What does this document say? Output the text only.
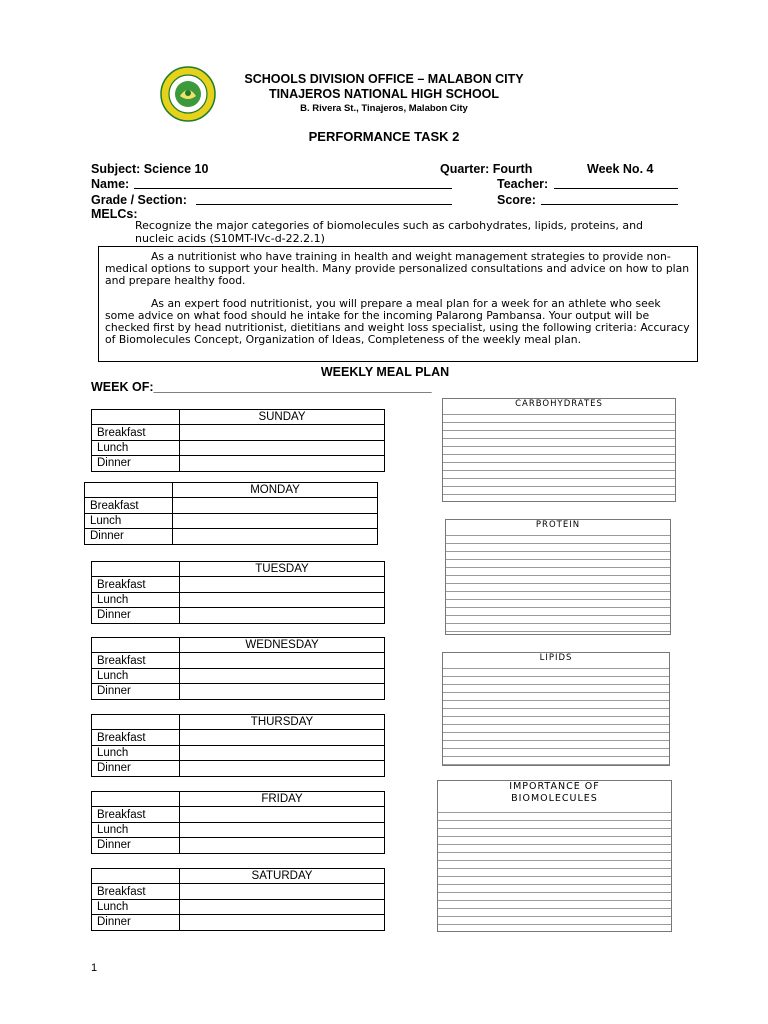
SCHOOLS DIVISION OFFICE – MALABON CITY
TINAJEROS NATIONAL HIGH SCHOOL
B. Rivera St., Tinajeros, Malabon City
PERFORMANCE TASK 2
Subject: Science 10	Quarter: Fourth	Week No. 4
Name:	Teacher:
Grade / Section:	Score:
MELCs:
Recognize the major categories of biomolecules such as carbohydrates, lipids, proteins, and nucleic acids (S10MT-IVc-d-22.2.1)

As a nutritionist who have training in health and weight management strategies to provide non-medical options to support your health. Many provide personalized consultations and advice on how to plan and prepare healthy food.

As an expert food nutritionist, you will prepare a meal plan for a week for an athlete who seek some advice on what food should he intake for the incoming Palarong Pambansa. Your output will be checked first by head nutritionist, dietitians and weight loss specialist, using the following criteria: Accuracy of Biomolecules Concept, Organization of Ideas, Completeness of the weekly meal plan.

WEEKLY MEAL PLAN
WEEK OF:________________________________________
	SUNDAY
Breakfast	
Lunch	
Dinner	
	MONDAY
Breakfast	
Lunch	
Dinner	
	TUESDAY
Breakfast	
Lunch	
Dinner	
	WEDNESDAY
Breakfast	
Lunch	
Dinner	
	THURSDAY
Breakfast	
Lunch	
Dinner	
	FRIDAY
Breakfast	
Lunch	
Dinner	
	SATURDAY
Breakfast	
Lunch	
Dinner	
CARBOHYDRATES
PROTEIN
LIPIDS
IMPORTANCE OF
BIOMOLECULES
1
